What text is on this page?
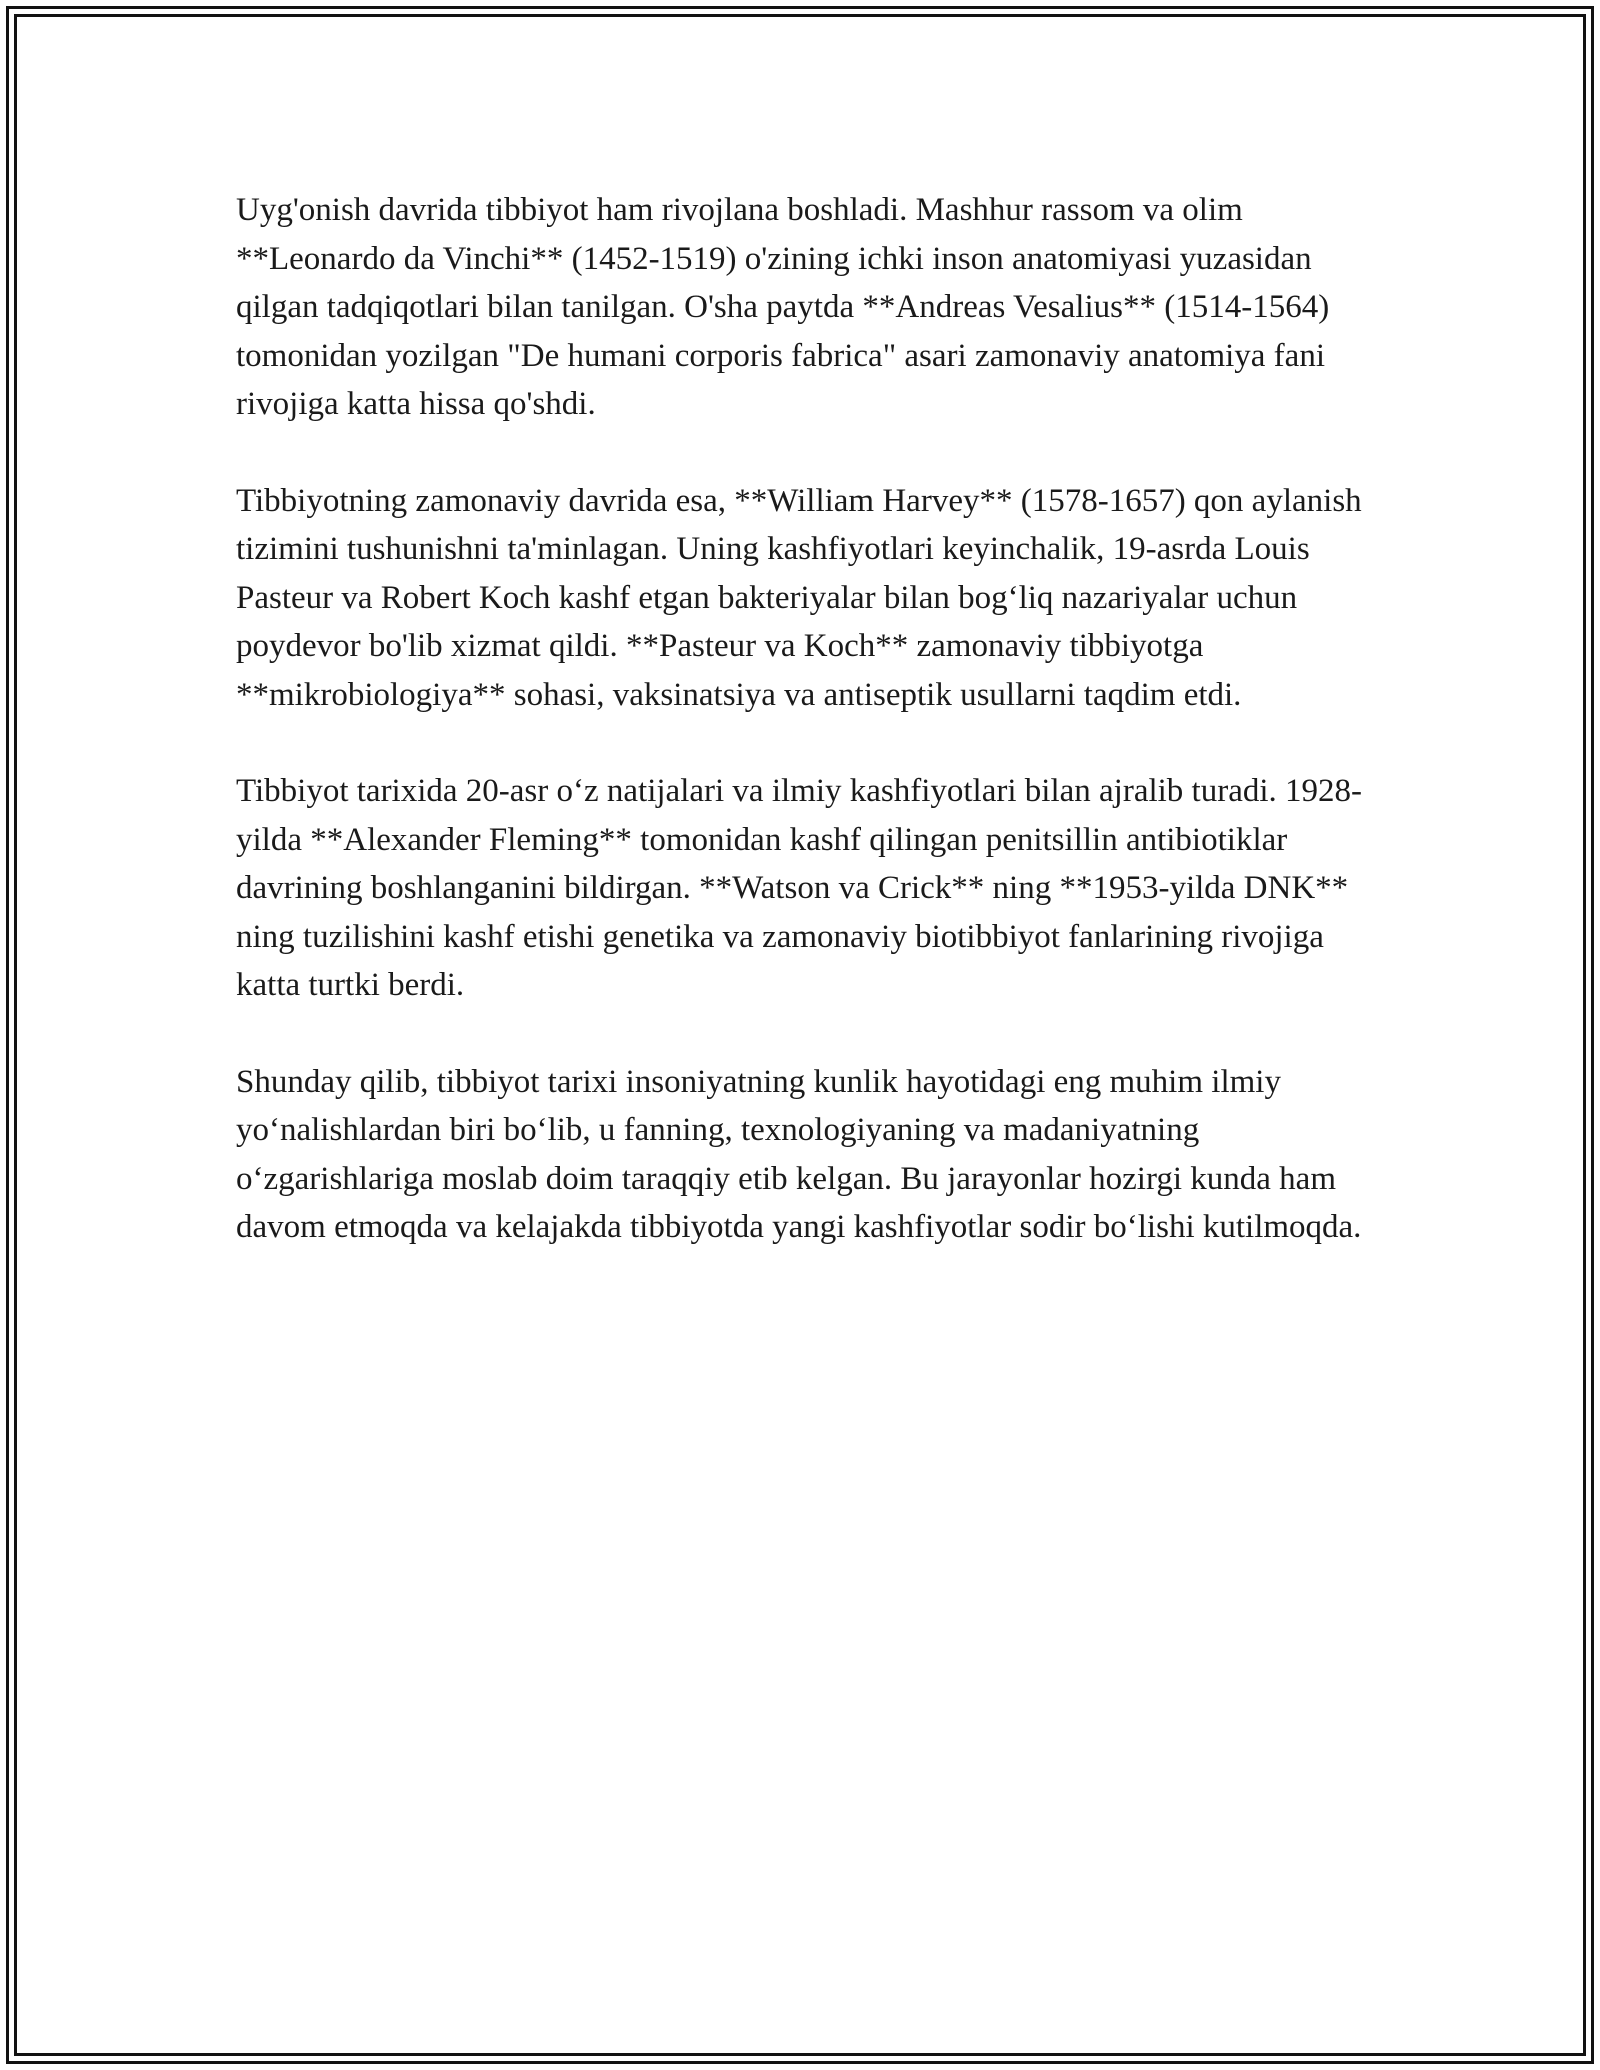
Uyg'onish davrida tibbiyot ham rivojlana boshladi. Mashhur rassom va olim **Leonardo da Vinchi** (1452-1519) o'zining ichki inson anatomiyasi yuzasidan qilgan tadqiqotlari bilan tanilgan. O'sha paytda **Andreas Vesalius** (1514-1564) tomonidan yozilgan "De humani corporis fabrica" asari zamonaviy anatomiya fani rivojiga katta hissa qo'shdi.

Tibbiyotning zamonaviy davrida esa, **William Harvey** (1578-1657) qon aylanish tizimini tushunishni ta'minlagan. Uning kashfiyotlari keyinchalik, 19-asrda Louis Pasteur va Robert Koch kashf etgan bakteriyalar bilan bog‘liq nazariyalar uchun poydevor bo'lib xizmat qildi. **Pasteur va Koch** zamonaviy tibbiyotga **mikrobiologiya** sohasi, vaksinatsiya va antiseptik usullarni taqdim etdi.

Tibbiyot tarixida 20-asr o‘z natijalari va ilmiy kashfiyotlari bilan ajralib turadi. 1928-yilda **Alexander Fleming** tomonidan kashf qilingan penitsillin antibiotiklar davrining boshlanganini bildirgan. **Watson va Crick** ning **1953-yilda DNK** ning tuzilishini kashf etishi genetika va zamonaviy biotibbiyot fanlarining rivojiga katta turtki berdi.

Shunday qilib, tibbiyot tarixi insoniyatning kunlik hayotidagi eng muhim ilmiy yo‘nalishlardan biri bo‘lib, u fanning, texnologiyaning va madaniyatning o‘zgarishlariga moslab doim taraqqiy etib kelgan. Bu jarayonlar hozirgi kunda ham davom etmoqda va kelajakda tibbiyotda yangi kashfiyotlar sodir bo‘lishi kutilmoqda.
